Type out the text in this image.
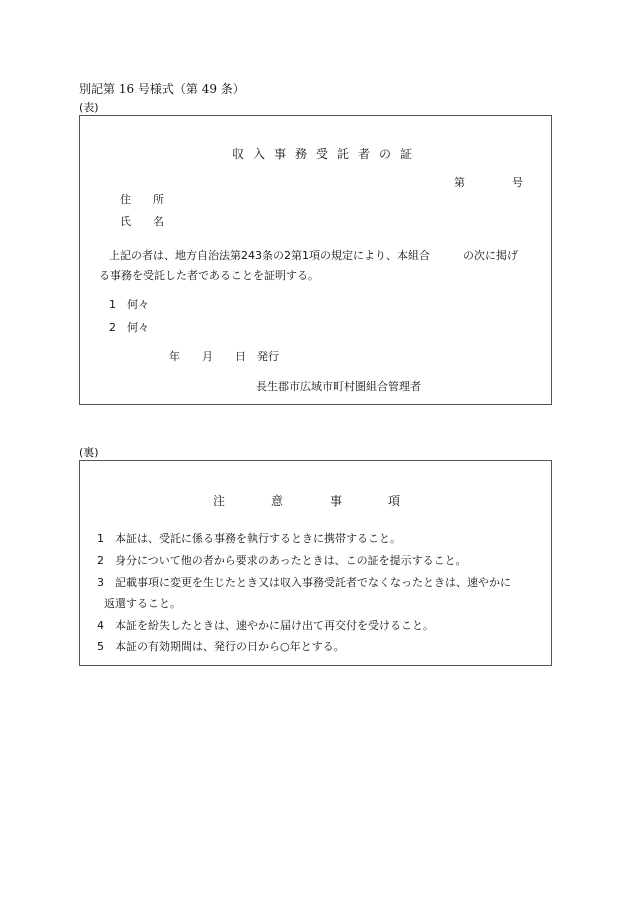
別記第 16 号様式（第 49 条）
(表)
収入事務受託者の証
第	号
住　　所
氏　　名
上記の者は、地方自治法第243条の2第1項の規定により、本組合　　　の次に掲げ
る事務を受託した者であることを証明する。
1　何々
2　何々
年　　月　　日　発行
長生郡市広域市町村圏組合管理者
(裏)
注	意	事	項
1　本証は、受託に係る事務を執行するときに携帯すること。
2　身分について他の者から要求のあったときは、この証を提示すること。
3　記載事項に変更を生じたとき又は収入事務受託者でなくなったときは、速やかに
返還すること。
4　本証を紛失したときは、速やかに届け出て再交付を受けること。
5　本証の有効期間は、発行の日から○年とする。
